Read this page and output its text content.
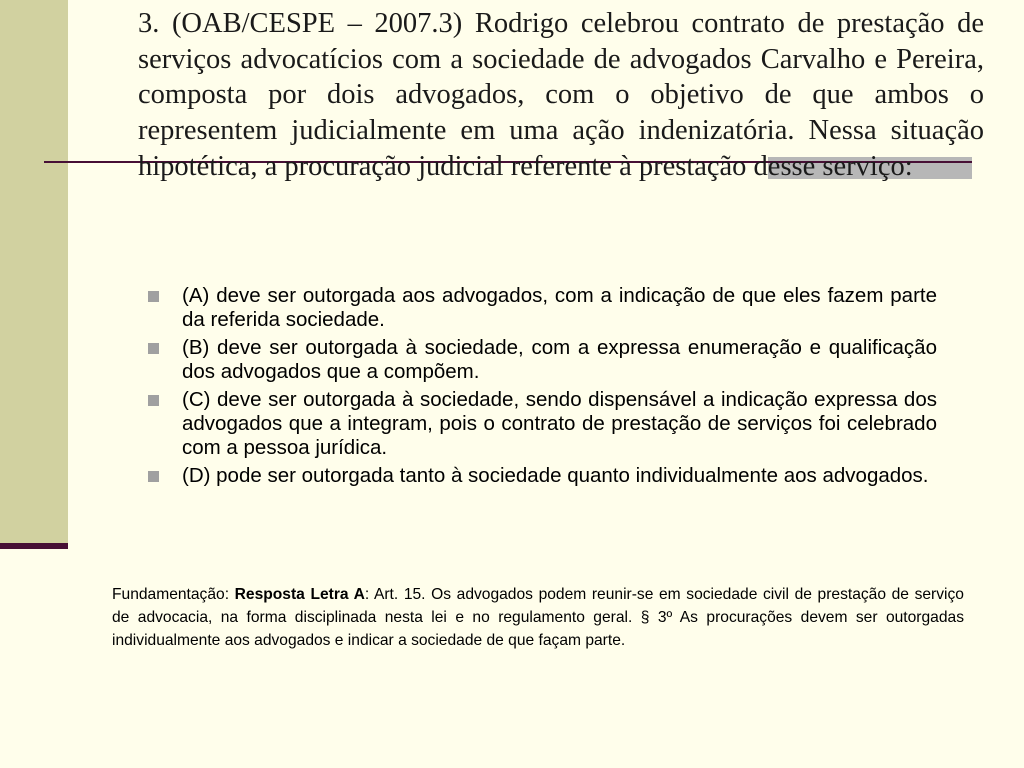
3. (OAB/CESPE – 2007.3) Rodrigo celebrou contrato de prestação de serviços advocatícios com a sociedade de advogados Carvalho e Pereira, composta por dois advogados, com o objetivo de que ambos o representem judicialmente em uma ação indenizatória. Nessa situação hipotética, a procuração judicial referente à prestação desse serviço:

(A) deve ser outorgada aos advogados, com a indicação de que eles fazem parte da referida sociedade.
(B) deve ser outorgada à sociedade, com a expressa enumeração e qualificação dos advogados que a compõem.
(C) deve ser outorgada à sociedade, sendo dispensável a indicação expressa dos advogados que a integram, pois o contrato de prestação de serviços foi celebrado com a pessoa jurídica.
(D) pode ser outorgada tanto à sociedade quanto individualmente aos advogados.

Fundamentação: Resposta Letra A: Art. 15. Os advogados podem reunir-se em sociedade civil de prestação de serviço de advocacia, na forma disciplinada nesta lei e no regulamento geral. § 3º As procurações devem ser outorgadas individualmente aos advogados e indicar a sociedade de que façam parte.
